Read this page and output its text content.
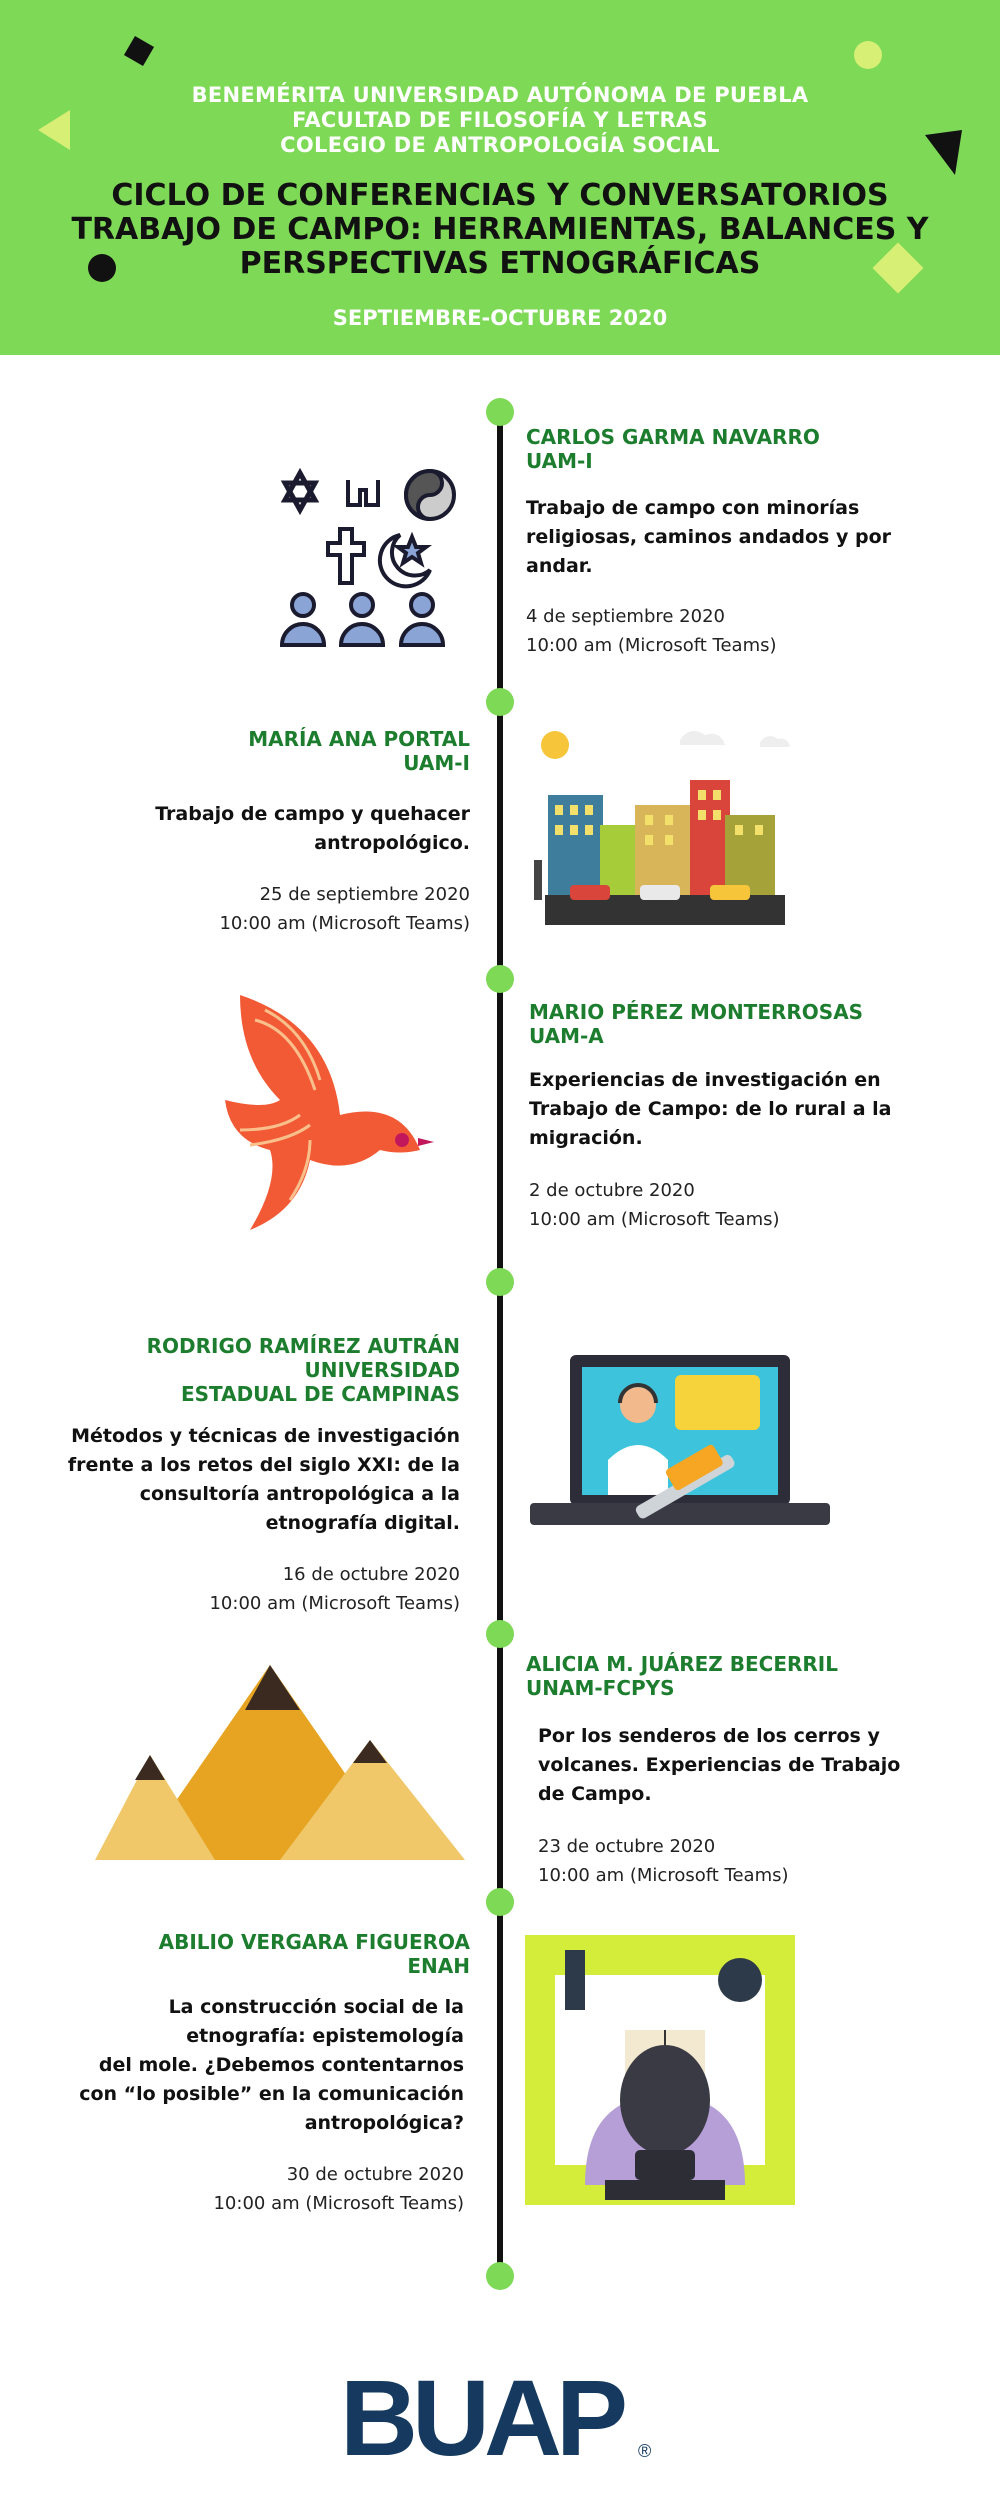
BENEMÉRITA UNIVERSIDAD AUTÓNOMA DE PUEBLA
FACULTAD DE FILOSOFÍA Y LETRAS
COLEGIO DE ANTROPOLOGÍA SOCIAL
CICLO DE CONFERENCIAS Y CONVERSATORIOS
TRABAJO DE CAMPO: HERRAMIENTAS, BALANCES Y
PERSPECTIVAS ETNOGRÁFICAS
SEPTIEMBRE-OCTUBRE 2020
CARLOS GARMA NAVARRO
UAM-I
Trabajo de campo con minorías
religiosas, caminos andados y por
andar.
4 de septiembre 2020
10:00 am (Microsoft Teams)
MARÍA ANA PORTAL
UAM-I
Trabajo de campo y quehacer
antropológico.
25 de septiembre 2020
10:00 am (Microsoft Teams)
MARIO PÉREZ MONTERROSAS
UAM-A
Experiencias de investigación en
Trabajo de Campo: de lo rural a la
migración.
2 de octubre 2020
10:00 am (Microsoft Teams)
RODRIGO RAMÍREZ AUTRÁN
UNIVERSIDAD
ESTADUAL DE CAMPINAS
Métodos y técnicas de investigación
frente a los retos del siglo XXI: de la
consultoría antropológica a la
etnografía digital.
16 de octubre 2020
10:00 am (Microsoft Teams)
ALICIA M. JUÁREZ BECERRIL
UNAM-FCPYS
Por los senderos de los cerros y
volcanes. Experiencias de Trabajo
de Campo.
23 de octubre 2020
10:00 am (Microsoft Teams)
ABILIO VERGARA FIGUEROA
ENAH
La construcción social de la
etnografía: epistemología
del mole. ¿Debemos contentarnos
con “lo posible” en la comunicación
antropológica?
30 de octubre 2020
10:00 am (Microsoft Teams)
BUAP ®
